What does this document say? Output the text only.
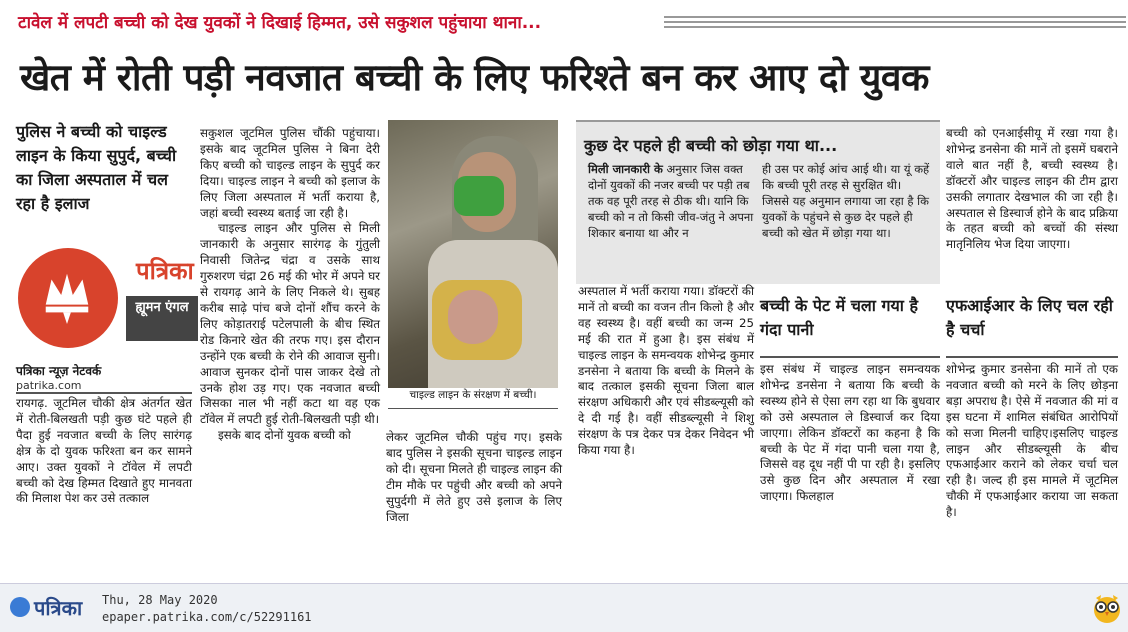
टावेल में लपटी बच्ची को देख युवकों ने दिखाई हिम्मत, उसे सकुशल पहुंचाया थाना...
खेत में रोती पड़ी नवजात बच्ची के लिए फरिश्ते बन कर आए दो युवक
पुलिस ने बच्ची को चाइल्ड लाइन के किया सुपुर्द, बच्ची का जिला अस्पताल में चल रहा है इलाज
पत्रिका
ह्यूमन एंगल
पत्रिका न्यूज़ नेटवर्क
patrika.com

रायगढ़. जूटमिल चौकी क्षेत्र अंतर्गत खेत में रोती-बिलखती पड़ी कुछ घंटे पहले ही पैदा हुई नवजात बच्ची के लिए सारंगढ़ क्षेत्र के दो युवक फरिश्ता बन कर सामने आए। उक्त युवकों ने टॉवेल में लपटी बच्ची को देख हिम्मत दिखाते हुए मानवता की मिलाश पेश कर उसे तत्काल

सकुशल जूटमिल पुलिस चौंकी पहुंचाया। इसके बाद जूटमिल पुलिस ने बिना देरी किए बच्ची को चाइल्ड लाइन के सुपुर्द कर दिया। चाइल्ड लाइन ने बच्ची को इलाज के लिए जिला अस्पताल में भर्ती कराया है, जहां बच्ची स्वस्थ्य बताई जा रही है।

चाइल्ड लाइन और पुलिस से मिली जानकारी के अनुसार सारंगढ़ के गुंतुली निवासी जितेन्द्र चंद्रा व उसके साथ गुरुशरण चंद्रा 26 मई की भोर में अपने घर से रायगढ़ आने के लिए निकले थे। सुबह करीब साढ़े पांच बजे दोनों शौंच करने के लिए कोड़ातराई पटेलपाली के बीच स्थित रोड किनारे खेत की तरफ गए। इस दौरान उन्होंने एक बच्ची के रोने की आवाज सुनी। आवाज सुनकर दोनों पास जाकर देखे तो उनके होश उड़ गए। एक नवजात बच्ची जिसका नाल भी नहीं कटा था वह एक टॉवेल में लपटी हुई रोती-बिलखती पड़ी थी।

इसके बाद दोनों युवक बच्ची को

चाइल्ड लाइन के संरक्षण में बच्ची।

लेकर जूटमिल चौकी पहुंच गए। इसके बाद पुलिस ने इसकी सूचना चाइल्ड लाइन को दी। सूचना मिलते ही चाइल्ड लाइन की टीम मौके पर पहुंची और बच्ची को अपने सुपुर्दगी में लेते हुए उसे इलाज के लिए जिला

कुछ देर पहले ही बच्ची को छोड़ा गया था...
मिली जानकारी के अनुसार जिस वक्त दोनों युवकों की नजर बच्ची पर पड़ी तब तक वह पूरी तरह से ठीक थी। यानि कि बच्ची को न तो किसी जीव-जंतु ने अपना शिकार बनाया था और न
ही उस पर कोई आंच आई थी। या यूं कहें कि बच्ची पूरी तरह से सुरक्षित थी। जिससे यह अनुमान लगाया जा रहा है कि युवकों के पहुंचने से कुछ देर पहले ही बच्ची को खेत में छोड़ा गया था।

अस्पताल में भर्ती कराया गया। डॉक्टरों की मानें तो बच्ची का वजन तीन किलो है और वह स्वस्थ्य है। वहीं बच्ची का जन्म 25 मई की रात में हुआ है। इस संबंध में चाइल्ड लाइन के समन्वयक शोभेन्द्र कुमार डनसेना ने बताया कि बच्ची के मिलने के बाद तत्काल इसकी सूचना जिला बाल संरक्षण अधिकारी और एवं सीडब्ल्यूसी को दे दी गई है। वहीं सीडब्ल्यूसी ने शिशु संरक्षण के पत्र देकर पत्र देकर निवेदन भी किया गया है।

बच्ची के पेट में चला गया है गंदा पानी

इस संबंध में चाइल्ड लाइन समन्वयक शोभेन्द्र डनसेना ने बताया कि बच्ची के स्वस्थ्य होने से ऐसा लग रहा था कि बुधवार को उसे अस्पताल ले डिस्चार्ज कर दिया जाएगा। लेकिन डॉक्टरों का कहना है कि बच्ची के पेट में गंदा पानी चला गया है, जिससे वह दूध नहीं पी पा रही है। इसलिए उसे कुछ दिन और अस्पताल में रखा जाएगा। फिलहाल

बच्ची को एनआईसीयू में रखा गया है। शोभेन्द्र डनसेना की मानें तो इसमें घबराने वाले बात नहीं है, बच्ची स्वस्थ्य है। डॉक्टरों और चाइल्ड लाइन की टीम द्वारा उसकी लगातार देखभाल की जा रही है। अस्पताल से डिस्चार्ज होने के बाद प्रक्रिया के तहत बच्ची को बच्चों की संस्था मातृनिलिय भेज दिया जाएगा।

एफआईआर के लिए चल रही है चर्चा

शोभेन्द्र कुमार डनसेना की मानें तो एक नवजात बच्ची को मरने के लिए छोड़ना बड़ा अपराध है। ऐसे में नवजात की मां व इस घटना में शामिल संबंधित आरोपियों को सजा मिलनी चाहिए।इसलिए चाइल्ड लाइन और सीडब्ल्यूसी के बीच एफआईआर कराने को लेकर चर्चा चल रही है। जल्द ही इस मामले में जूटमिल चौकी में एफआईआर कराया जा सकता है।

पत्रिका Thu, 28 May 2020
epaper.patrika.com/c/52291161
